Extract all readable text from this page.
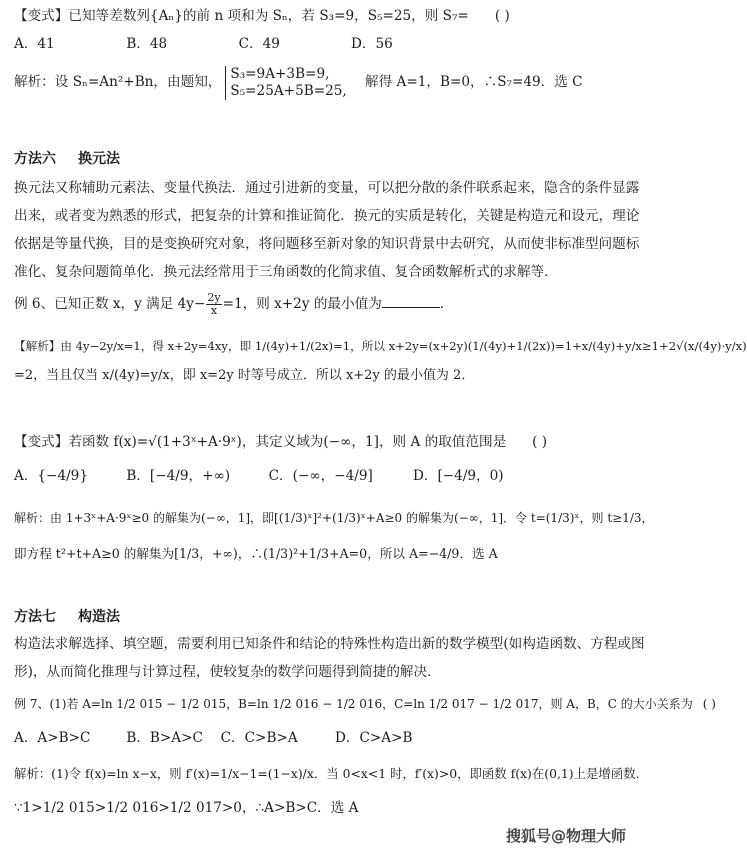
【变式】已知等差数列{Aₙ}的前 n 项和为 Sₙ，若 S₃=9，S₅=25，则 S₇= ( )
A．41	B．48	C．49	D．56
解析：设 Sₙ=An²+Bn，由题知，
S₃=9A+3B=9,
S₅=25A+5B=25,
解得 A=1，B=0，∴S₇=49．选 C
方法六 换元法
换元法又称辅助元素法、变量代换法．通过引进新的变量，可以把分散的条件联系起来，隐含的条件显露
出来，或者变为熟悉的形式，把复杂的计算和推证简化．换元的实质是转化，关键是构造元和设元，理论
依据是等量代换，目的是变换研究对象，将问题移至新对象的知识背景中去研究，从而使非标准型问题标
准化、复杂问题简单化．换元法经常用于三角函数的化简求值、复合函数解析式的求解等．
例 6、已知正数 x，y 满足 $4y- \frac{2y}{x} =1$，则 x+2y 的最小值为	．
【解析】由 4y−2y/x=1，得 x+2y=4xy，即 1/(4y)+1/(2x)=1，所以 x+2y=(x+2y)(1/(4y)+1/(2x))=1+x/(4y)+y/x≥1+2√(x/(4y)·y/x)
=2，当且仅当 x/(4y)=y/x，即 x=2y 时等号成立．所以 x+2y 的最小值为 2．
【变式】若函数 f(x)=√(1+3ˣ+A·9ˣ)，其定义域为(−∞，1]，则 A 的取值范围是 ( )
A．{−4/9}	B．[−4/9，+∞)	C．(−∞，−4/9]	D．[−4/9，0)
解析：由 1+3ˣ+A·9ˣ≥0 的解集为(−∞，1]，即[(1/3)ˣ]²+(1/3)ˣ+A≥0 的解集为(−∞，1]．令 t=(1/3)ˣ，则 t≥1/3，
即方程 t²+t+A≥0 的解集为[1/3，+∞)，∴(1/3)²+1/3+A=0，所以 A=−4/9．选 A
方法七 构造法
构造法求解选择、填空题，需要利用已知条件和结论的特殊性构造出新的数学模型(如构造函数、方程或图
形)，从而简化推理与计算过程，使较复杂的数学问题得到简捷的解决．
例 7、(1)若 A=ln 1/2 015 − 1/2 015，B=ln 1/2 016 − 1/2 016，C=ln 1/2 017 − 1/2 017，则 A，B，C 的大小关系为 ( )
A．A>B>C	B．B>A>C C．C>B>A	D．C>A>B
解析：(1)令 f(x)=ln x−x，则 f′(x)=1/x−1=(1−x)/x．当 0<x<1 时，f′(x)>0，即函数 f(x)在(0,1)上是增函数．
∵1>1/2 015>1/2 016>1/2 017>0，∴A>B>C．选 A
搜狐号@物理大师
